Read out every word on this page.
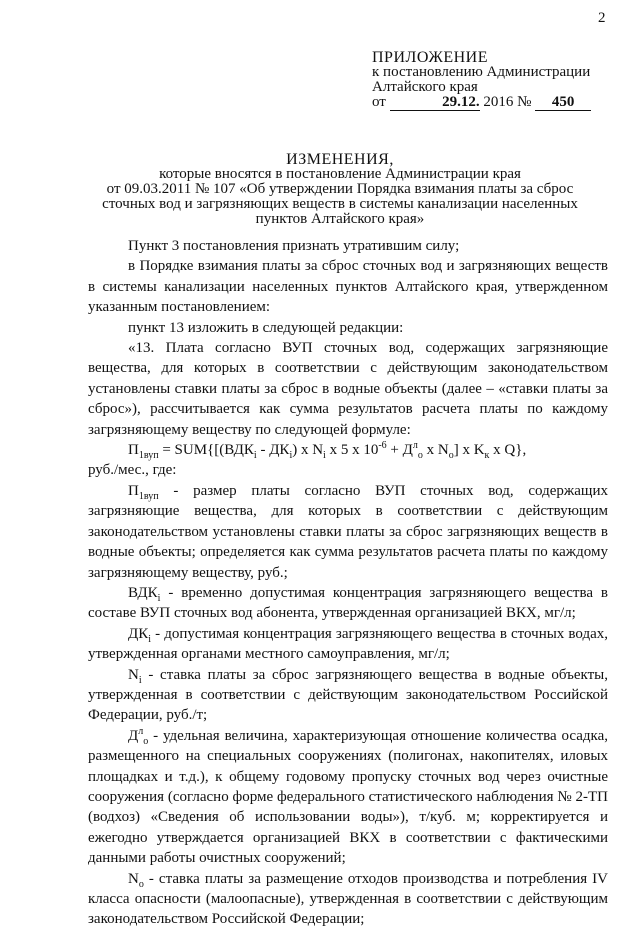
2
ПРИЛОЖЕНИЕ
к постановлению Администрации
Алтайского края
от	29.12. 2016 № 450
ИЗМЕНЕНИЯ,
которые вносятся в постановление Администрации края
от 09.03.2011 № 107 «Об утверждении Порядка взимания платы за сброс
сточных вод и загрязняющих веществ в системы канализации населенных
пунктов Алтайского края»

Пункт 3 постановления признать утратившим силу;

в Порядке взимания платы за сброс сточных вод и загрязняющих веществ в системы канализации населенных пунктов Алтайского края, утвержденном указанным постановлением:

пункт 13 изложить в следующей редакции:

«13. Плата согласно ВУП сточных вод, содержащих загрязняющие вещества, для которых в соответствии с действующим законодательством установлены ставки платы за сброс в водные объекты (далее – «ставки платы за сброс»), рассчитывается как сумма результатов расчета платы по каждому загрязняющему веществу по следующей формуле:

$П_{1вуп} = SUM\{[(ВДК_i - ДК_i)$ x $N_i$ x 5 x $10^{-6} + Д^л_о$ x $N_о$] x $K_к$ x Q},

руб./мес., где:

$П_{1вуп}$ - размер платы согласно ВУП сточных вод, содержащих загрязняющие вещества, для которых в соответствии с действующим законодательством установлены ставки платы за сброс загрязняющих веществ в водные объекты; определяется как сумма результатов расчета платы по каждому загрязняющему веществу, руб.;

$ВДК_i$ - временно допустимая концентрация загрязняющего вещества в составе ВУП сточных вод абонента, утвержденная организацией ВКХ, мг/л;

$ДК_i$ - допустимая концентрация загрязняющего вещества в сточных водах, утвержденная органами местного самоуправления, мг/л;

$N_i$ - ставка платы за сброс загрязняющего вещества в водные объекты, утвержденная в соответствии с действующим законодательством Российской Федерации, руб./т;

$Д^л_о$ - удельная величина, характеризующая отношение количества осадка, размещенного на специальных сооружениях (полигонах, накопителях, иловых площадках и т.д.), к общему годовому пропуску сточных вод через очистные сооружения (согласно форме федерального статистического наблюдения № 2-ТП (водхоз) «Сведения об использовании воды»), т/куб. м; корректируется и ежегодно утверждается организацией ВКХ в соответствии с фактическими данными работы очистных сооружений;

$N_о$ - ставка платы за размещение отходов производства и потребления IV класса опасности (малоопасные), утвержденная в соответствии с действующим законодательством Российской Федерации;
